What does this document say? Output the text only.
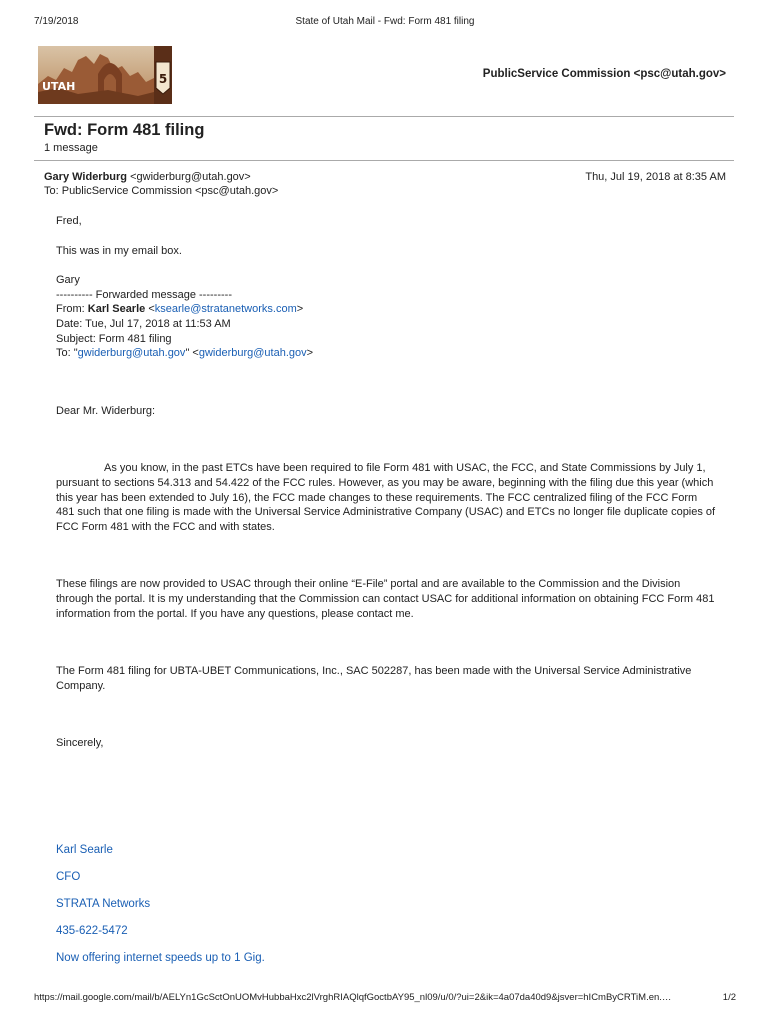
7/19/2018	State of Utah Mail - Fwd: Form 481 filing
UTAH
5	PublicService Commission <psc@utah.gov>
Fwd: Form 481 filing
1 message
Gary Widerburg <gwiderburg@utah.gov>
To: PublicService Commission <psc@utah.gov>
Thu, Jul 19, 2018 at 8:35 AM

Fred,

This was in my email box.

Gary

---------- Forwarded message ---------

From: Karl Searle <ksearle@stratanetworks.com>

Date: Tue, Jul 17, 2018 at 11:53 AM

Subject: Form 481 filing

To: "gwiderburg@utah.gov" <gwiderburg@utah.gov>

Dear Mr. Widerburg:

As you know, in the past ETCs have been required to file Form 481 with USAC, the FCC, and State Commissions by July 1, pursuant to sections 54.313 and 54.422 of the FCC rules. However, as you may be aware, beginning with the filing due this year (which this year has been extended to July 16), the FCC made changes to these requirements. The FCC centralized filing of the FCC Form 481 such that one filing is made with the Universal Service Administrative Company (USAC) and ETCs no longer file duplicate copies of FCC Form 481 with the FCC and with states.

These filings are now provided to USAC through their online “E-File” portal and are available to the Commission and the Division through the portal. It is my understanding that the Commission can contact USAC for additional information on obtaining FCC Form 481 information from the portal. If you have any questions, please contact me.

The Form 481 filing for UBTA-UBET Communications, Inc., SAC 502287, has been made with the Universal Service Administrative Company.

Sincerely,

Karl Searle

CFO

STRATA Networks

435-622-5472

Now offering internet speeds up to 1 Gig.

https://mail.google.com/mail/b/AELYn1GcSctOnUOMvHubbaHxc2lVrghRIAQlqfGoctbAY95_nl09/u/0/?ui=2&ik=4a07da40d9&jsver=hICmByCRTiM.en.…	1/2
